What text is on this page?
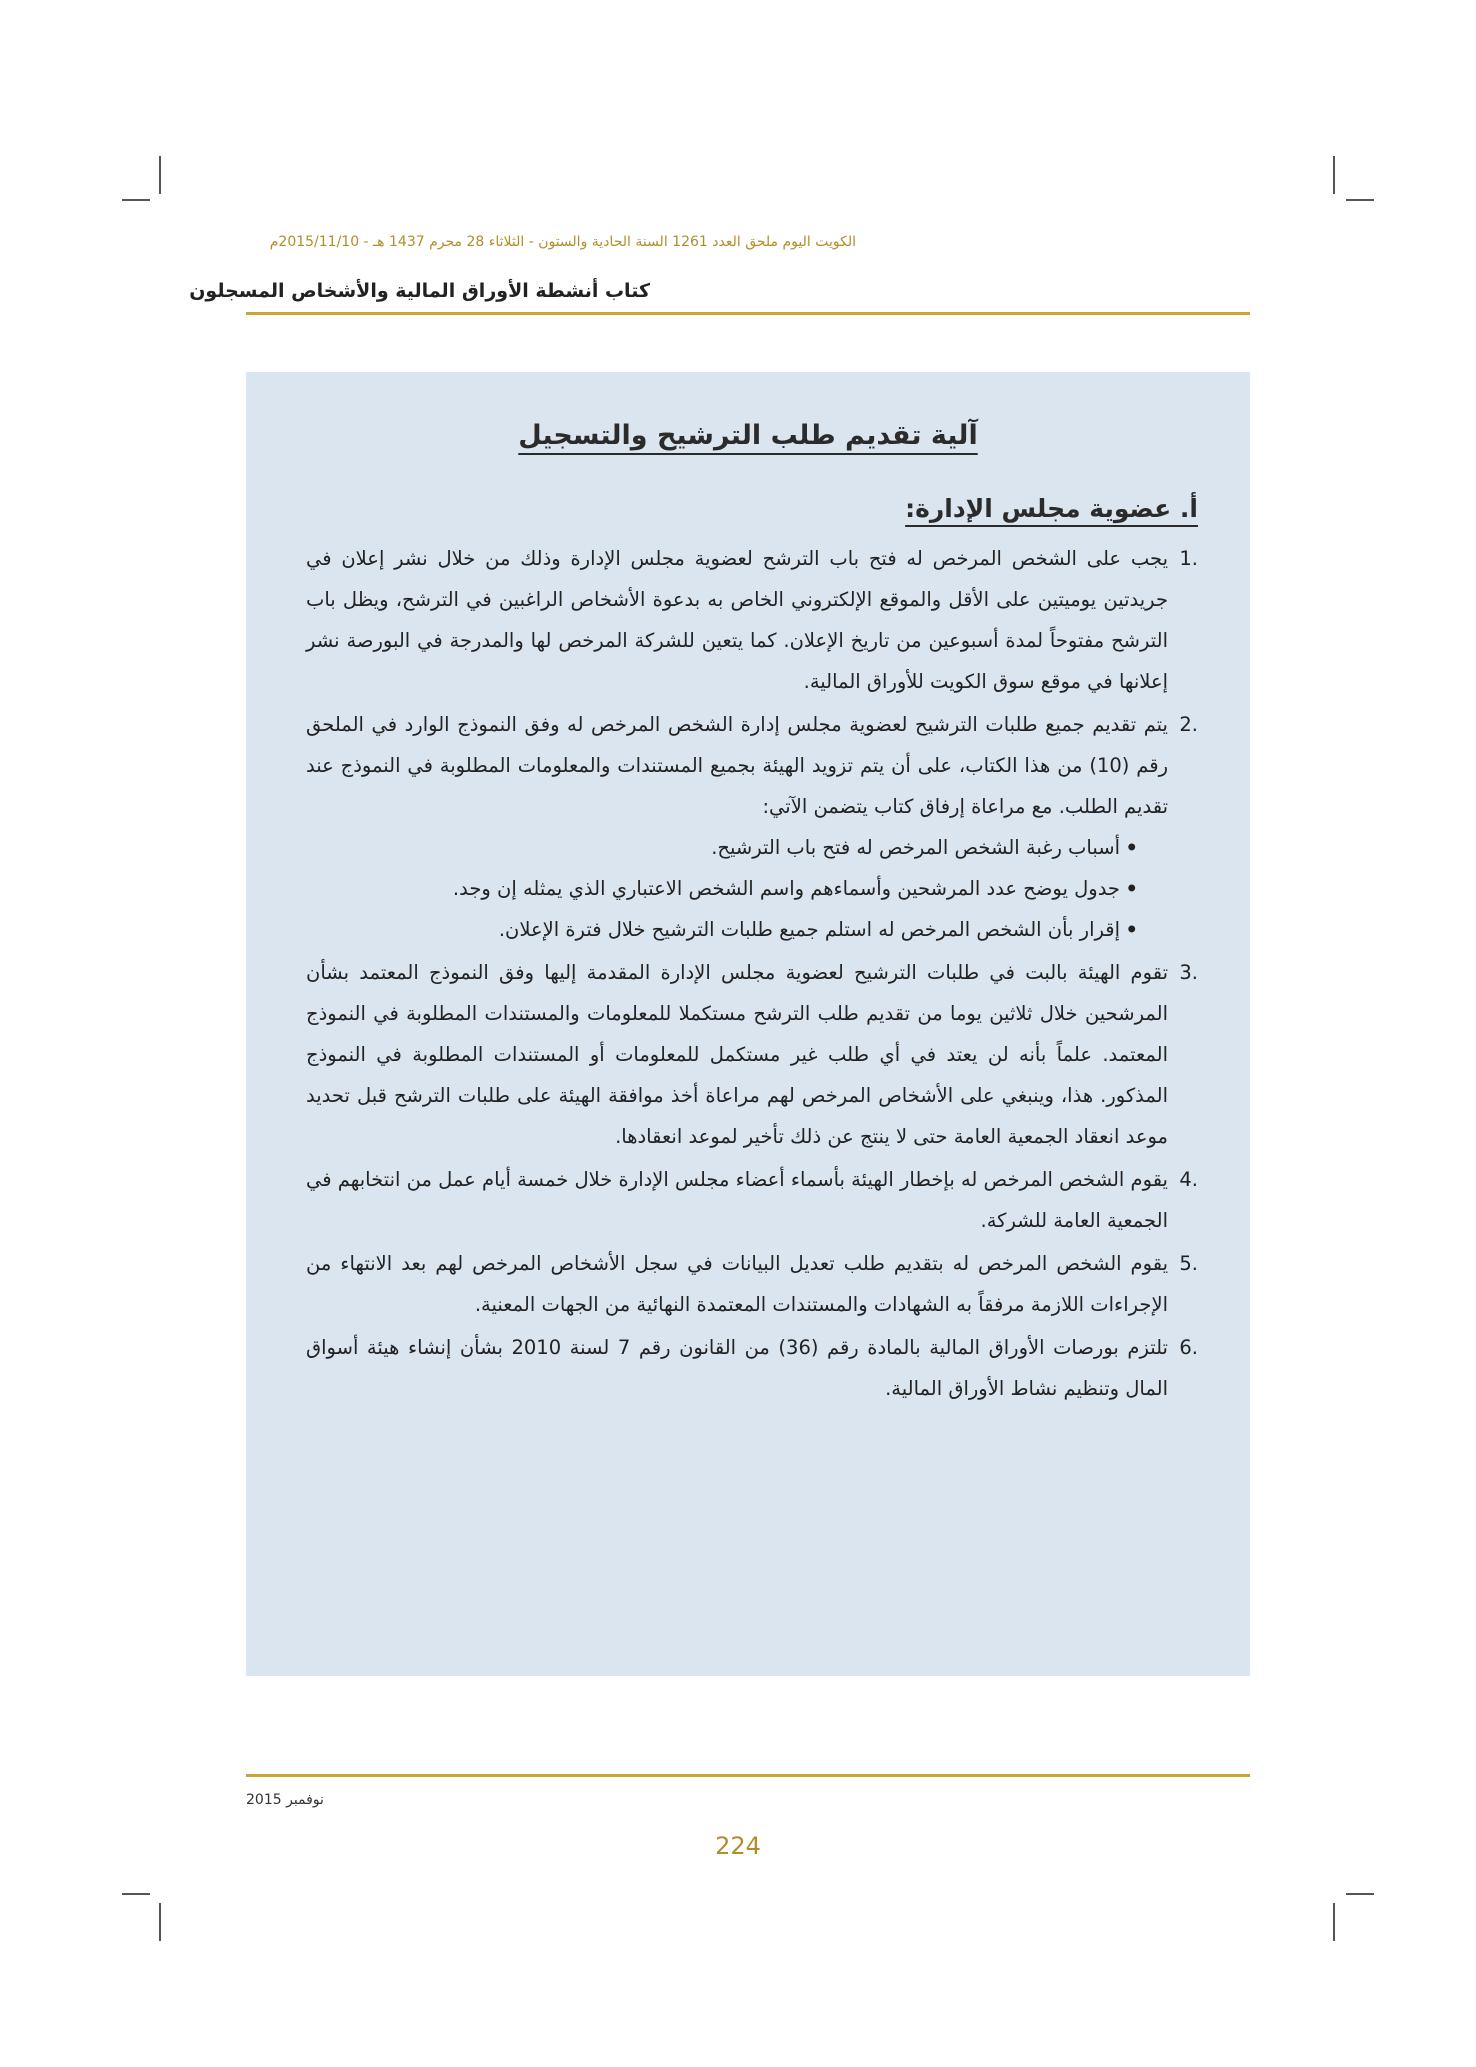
الكويت اليوم ملحق العدد 1261 السنة الحادية والستون - الثلاثاء 28 محرم 1437 هـ - 2015/11/10م
كتاب أنشطة الأوراق المالية والأشخاص المسجلون
آلية تقديم طلب الترشيح والتسجيل
أ. عضوية مجلس الإدارة:
1.
يجب على الشخص المرخص له فتح باب الترشح لعضوية مجلس الإدارة وذلك من خلال نشر إعلان في جريدتين يوميتين على الأقل والموقع الإلكتروني الخاص به بدعوة الأشخاص الراغبين في الترشح، ويظل باب الترشح مفتوحاً لمدة أسبوعين من تاريخ الإعلان. كما يتعين للشركة المرخص لها والمدرجة في البورصة نشر إعلانها في موقع سوق الكويت للأوراق المالية.
2.
يتم تقديم جميع طلبات الترشيح لعضوية مجلس إدارة الشخص المرخص له وفق النموذج الوارد في الملحق رقم (10) من هذا الكتاب، على أن يتم تزويد الهيئة بجميع المستندات والمعلومات المطلوبة في النموذج عند تقديم الطلب. مع مراعاة إرفاق كتاب يتضمن الآتي:
• أسباب رغبة الشخص المرخص له فتح باب الترشيح.
• جدول يوضح عدد المرشحين وأسماءهم واسم الشخص الاعتباري الذي يمثله إن وجد.
• إقرار بأن الشخص المرخص له استلم جميع طلبات الترشيح خلال فترة الإعلان.
3.
تقوم الهيئة بالبت في طلبات الترشيح لعضوية مجلس الإدارة المقدمة إليها وفق النموذج المعتمد بشأن المرشحين خلال ثلاثين يوما من تقديم طلب الترشح مستكملا للمعلومات والمستندات المطلوبة في النموذج المعتمد. علماً بأنه لن يعتد في أي طلب غير مستكمل للمعلومات أو المستندات المطلوبة في النموذج المذكور. هذا، وينبغي على الأشخاص المرخص لهم مراعاة أخذ موافقة الهيئة على طلبات الترشح قبل تحديد موعد انعقاد الجمعية العامة حتى لا ينتج عن ذلك تأخير لموعد انعقادها.
4.
يقوم الشخص المرخص له بإخطار الهيئة بأسماء أعضاء مجلس الإدارة خلال خمسة أيام عمل من انتخابهم في الجمعية العامة للشركة.
5.
يقوم الشخص المرخص له بتقديم طلب تعديل البيانات في سجل الأشخاص المرخص لهم بعد الانتهاء من الإجراءات اللازمة مرفقاً به الشهادات والمستندات المعتمدة النهائية من الجهات المعنية.
6.
تلتزم بورصات الأوراق المالية بالمادة رقم (36) من القانون رقم 7 لسنة 2010 بشأن إنشاء هيئة أسواق المال وتنظيم نشاط الأوراق المالية.
نوفمبر 2015
224
